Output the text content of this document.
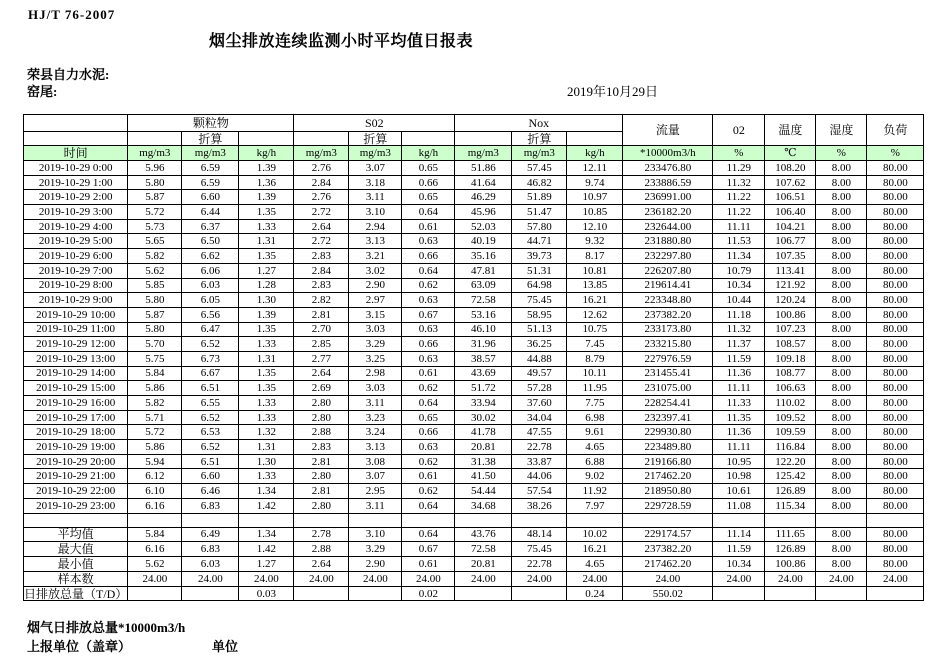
HJ/T 76-2007
烟尘排放连续监测小时平均值日报表
荣县自力水泥:
窑尾:	2019年10月29日
	颗粒物			S02			Nox			流量	02	温度	湿度	负荷
		折算			折算			折算						
时间	mg/m3	mg/m3	kg/h	mg/m3	mg/m3	kg/h	mg/m3	mg/m3	kg/h	*10000m3/h	%	℃	%	%
2019-10-29 0:00	5.96	6.59	1.39	2.76	3.07	0.65	51.86	57.45	12.11	233476.80	11.29	108.20	8.00	80.00
2019-10-29 1:00	5.80	6.59	1.36	2.84	3.18	0.66	41.64	46.82	9.74	233886.59	11.32	107.62	8.00	80.00
2019-10-29 2:00	5.87	6.60	1.39	2.76	3.11	0.65	46.29	51.89	10.97	236991.00	11.22	106.51	8.00	80.00
2019-10-29 3:00	5.72	6.44	1.35	2.72	3.10	0.64	45.96	51.47	10.85	236182.20	11.22	106.40	8.00	80.00
2019-10-29 4:00	5.73	6.37	1.33	2.64	2.94	0.61	52.03	57.80	12.10	232644.00	11.11	104.21	8.00	80.00
2019-10-29 5:00	5.65	6.50	1.31	2.72	3.13	0.63	40.19	44.71	9.32	231880.80	11.53	106.77	8.00	80.00
2019-10-29 6:00	5.82	6.62	1.35	2.83	3.21	0.66	35.16	39.73	8.17	232297.80	11.34	107.35	8.00	80.00
2019-10-29 7:00	5.62	6.06	1.27	2.84	3.02	0.64	47.81	51.31	10.81	226207.80	10.79	113.41	8.00	80.00
2019-10-29 8:00	5.85	6.03	1.28	2.83	2.90	0.62	63.09	64.98	13.85	219614.41	10.34	121.92	8.00	80.00
2019-10-29 9:00	5.80	6.05	1.30	2.82	2.97	0.63	72.58	75.45	16.21	223348.80	10.44	120.24	8.00	80.00
2019-10-29 10:00	5.87	6.56	1.39	2.81	3.15	0.67	53.16	58.95	12.62	237382.20	11.18	100.86	8.00	80.00
2019-10-29 11:00	5.80	6.47	1.35	2.70	3.03	0.63	46.10	51.13	10.75	233173.80	11.32	107.23	8.00	80.00
2019-10-29 12:00	5.70	6.52	1.33	2.85	3.29	0.66	31.96	36.25	7.45	233215.80	11.37	108.57	8.00	80.00
2019-10-29 13:00	5.75	6.73	1.31	2.77	3.25	0.63	38.57	44.88	8.79	227976.59	11.59	109.18	8.00	80.00
2019-10-29 14:00	5.84	6.67	1.35	2.64	2.98	0.61	43.69	49.57	10.11	231455.41	11.36	108.77	8.00	80.00
2019-10-29 15:00	5.86	6.51	1.35	2.69	3.03	0.62	51.72	57.28	11.95	231075.00	11.11	106.63	8.00	80.00
2019-10-29 16:00	5.82	6.55	1.33	2.80	3.11	0.64	33.94	37.60	7.75	228254.41	11.33	110.02	8.00	80.00
2019-10-29 17:00	5.71	6.52	1.33	2.80	3.23	0.65	30.02	34.04	6.98	232397.41	11.35	109.52	8.00	80.00
2019-10-29 18:00	5.72	6.53	1.32	2.88	3.24	0.66	41.78	47.55	9.61	229930.80	11.36	109.59	8.00	80.00
2019-10-29 19:00	5.86	6.52	1.31	2.83	3.13	0.63	20.81	22.78	4.65	223489.80	11.11	116.84	8.00	80.00
2019-10-29 20:00	5.94	6.51	1.30	2.81	3.08	0.62	31.38	33.87	6.88	219166.80	10.95	122.20	8.00	80.00
2019-10-29 21:00	6.12	6.60	1.33	2.80	3.07	0.61	41.50	44.06	9.02	217462.20	10.98	125.42	8.00	80.00
2019-10-29 22:00	6.10	6.46	1.34	2.81	2.95	0.62	54.44	57.54	11.92	218950.80	10.61	126.89	8.00	80.00
2019-10-29 23:00	6.16	6.83	1.42	2.80	3.11	0.64	34.68	38.26	7.97	229728.59	11.08	115.34	8.00	80.00

平均值	5.84	6.49	1.34	2.78	3.10	0.64	43.76	48.14	10.02	229174.57	11.14	111.65	8.00	80.00
最大值	6.16	6.83	1.42	2.88	3.29	0.67	72.58	75.45	16.21	237382.20	11.59	126.89	8.00	80.00
最小值	5.62	6.03	1.27	2.64	2.90	0.61	20.81	22.78	4.65	217462.20	10.34	100.86	8.00	80.00
样本数	24.00	24.00	24.00	24.00	24.00	24.00	24.00	24.00	24.00	24.00	24.00	24.00	24.00	24.00
日排放总量（T/D）			0.03			0.02			0.24	550.02				
烟气日排放总量*10000m3/h
上报单位（盖章）	单位
